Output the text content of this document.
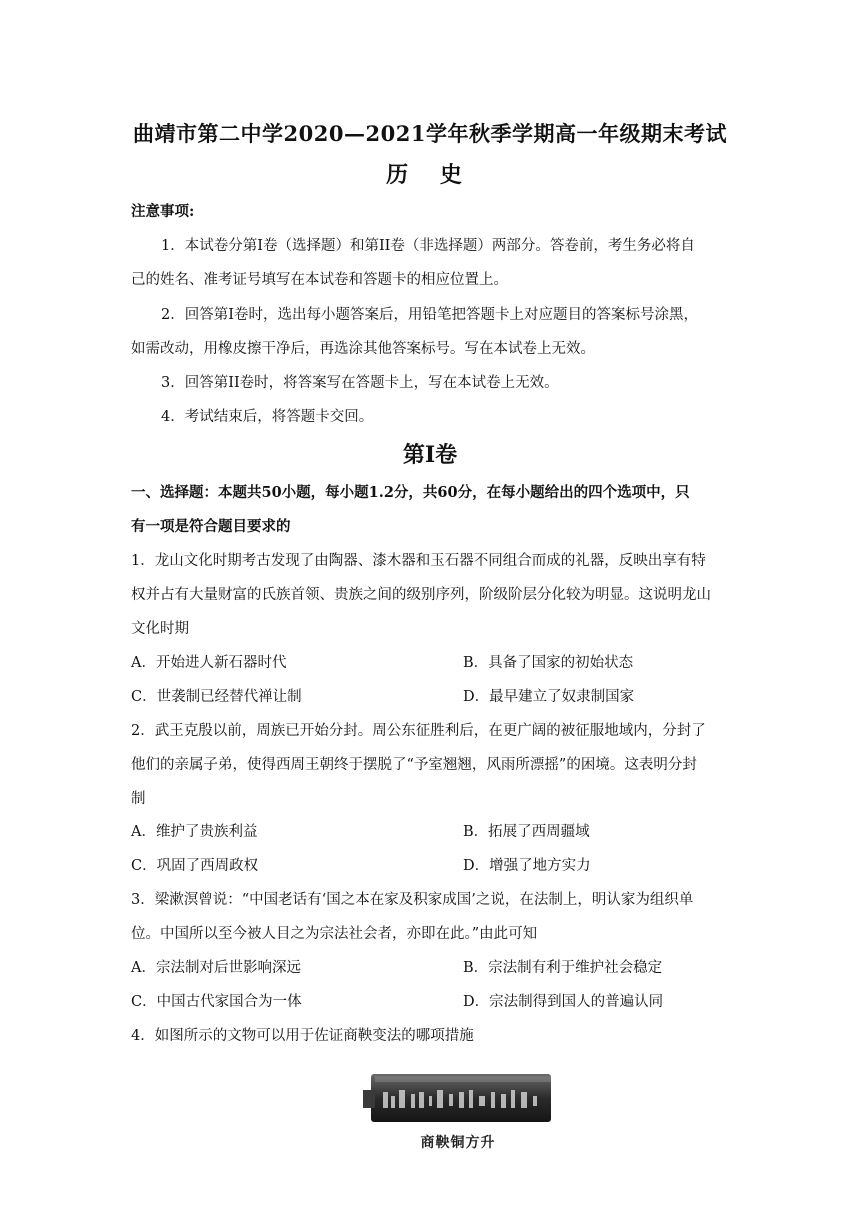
曲靖市第二中学2020—2021学年秋季学期高一年级期末考试
历 史
注意事项:
1．本试卷分第Ⅰ卷（选择题）和第II卷（非选择题）两部分。答卷前，考生务必将自
己的姓名、准考证号填写在本试卷和答题卡的相应位置上。
2．回答第Ⅰ卷时，选出每小题答案后，用铅笔把答题卡上对应题目的答案标号涂黑，
如需改动，用橡皮擦干净后，再选涂其他答案标号。写在本试卷上无效。
3．回答第II卷时，将答案写在答题卡上，写在本试卷上无效。
4．考试结束后，将答题卡交回。
第Ⅰ卷
一、选择题：本题共50小题，每小题1.2分，共60分，在每小题给出的四个选项中，只
有一项是符合题目要求的
1．龙山文化时期考古发现了由陶器、漆木器和玉石器不同组合而成的礼器，反映出享有特
权并占有大量财富的氏族首领、贵族之间的级别序列，阶级阶层分化较为明显。这说明龙山
文化时期
A．开始进人新石器时代	B．具备了国家的初始状态
C．世袭制已经替代禅让制	D．最早建立了奴隶制国家
2．武王克殷以前，周族已开始分封。周公东征胜利后，在更广阔的被征服地域内，分封了
他们的亲属子弟，使得西周王朝终于摆脱了“予室翘翘，风雨所漂摇”的困境。这表明分封
制
A．维护了贵族利益	B．拓展了西周疆域
C．巩固了西周政权	D．增强了地方实力
3．梁漱溟曾说：“中国老话有‘国之本在家及积家成国’之说，在法制上，明认家为组织单
位。中国所以至今被人目之为宗法社会者，亦即在此。”由此可知
A．宗法制对后世影响深远	B．宗法制有利于维护社会稳定
C．中国古代家国合为一体	D．宗法制得到国人的普遍认同
4．如图所示的文物可以用于佐证商鞅变法的哪项措施
商鞅铜方升
